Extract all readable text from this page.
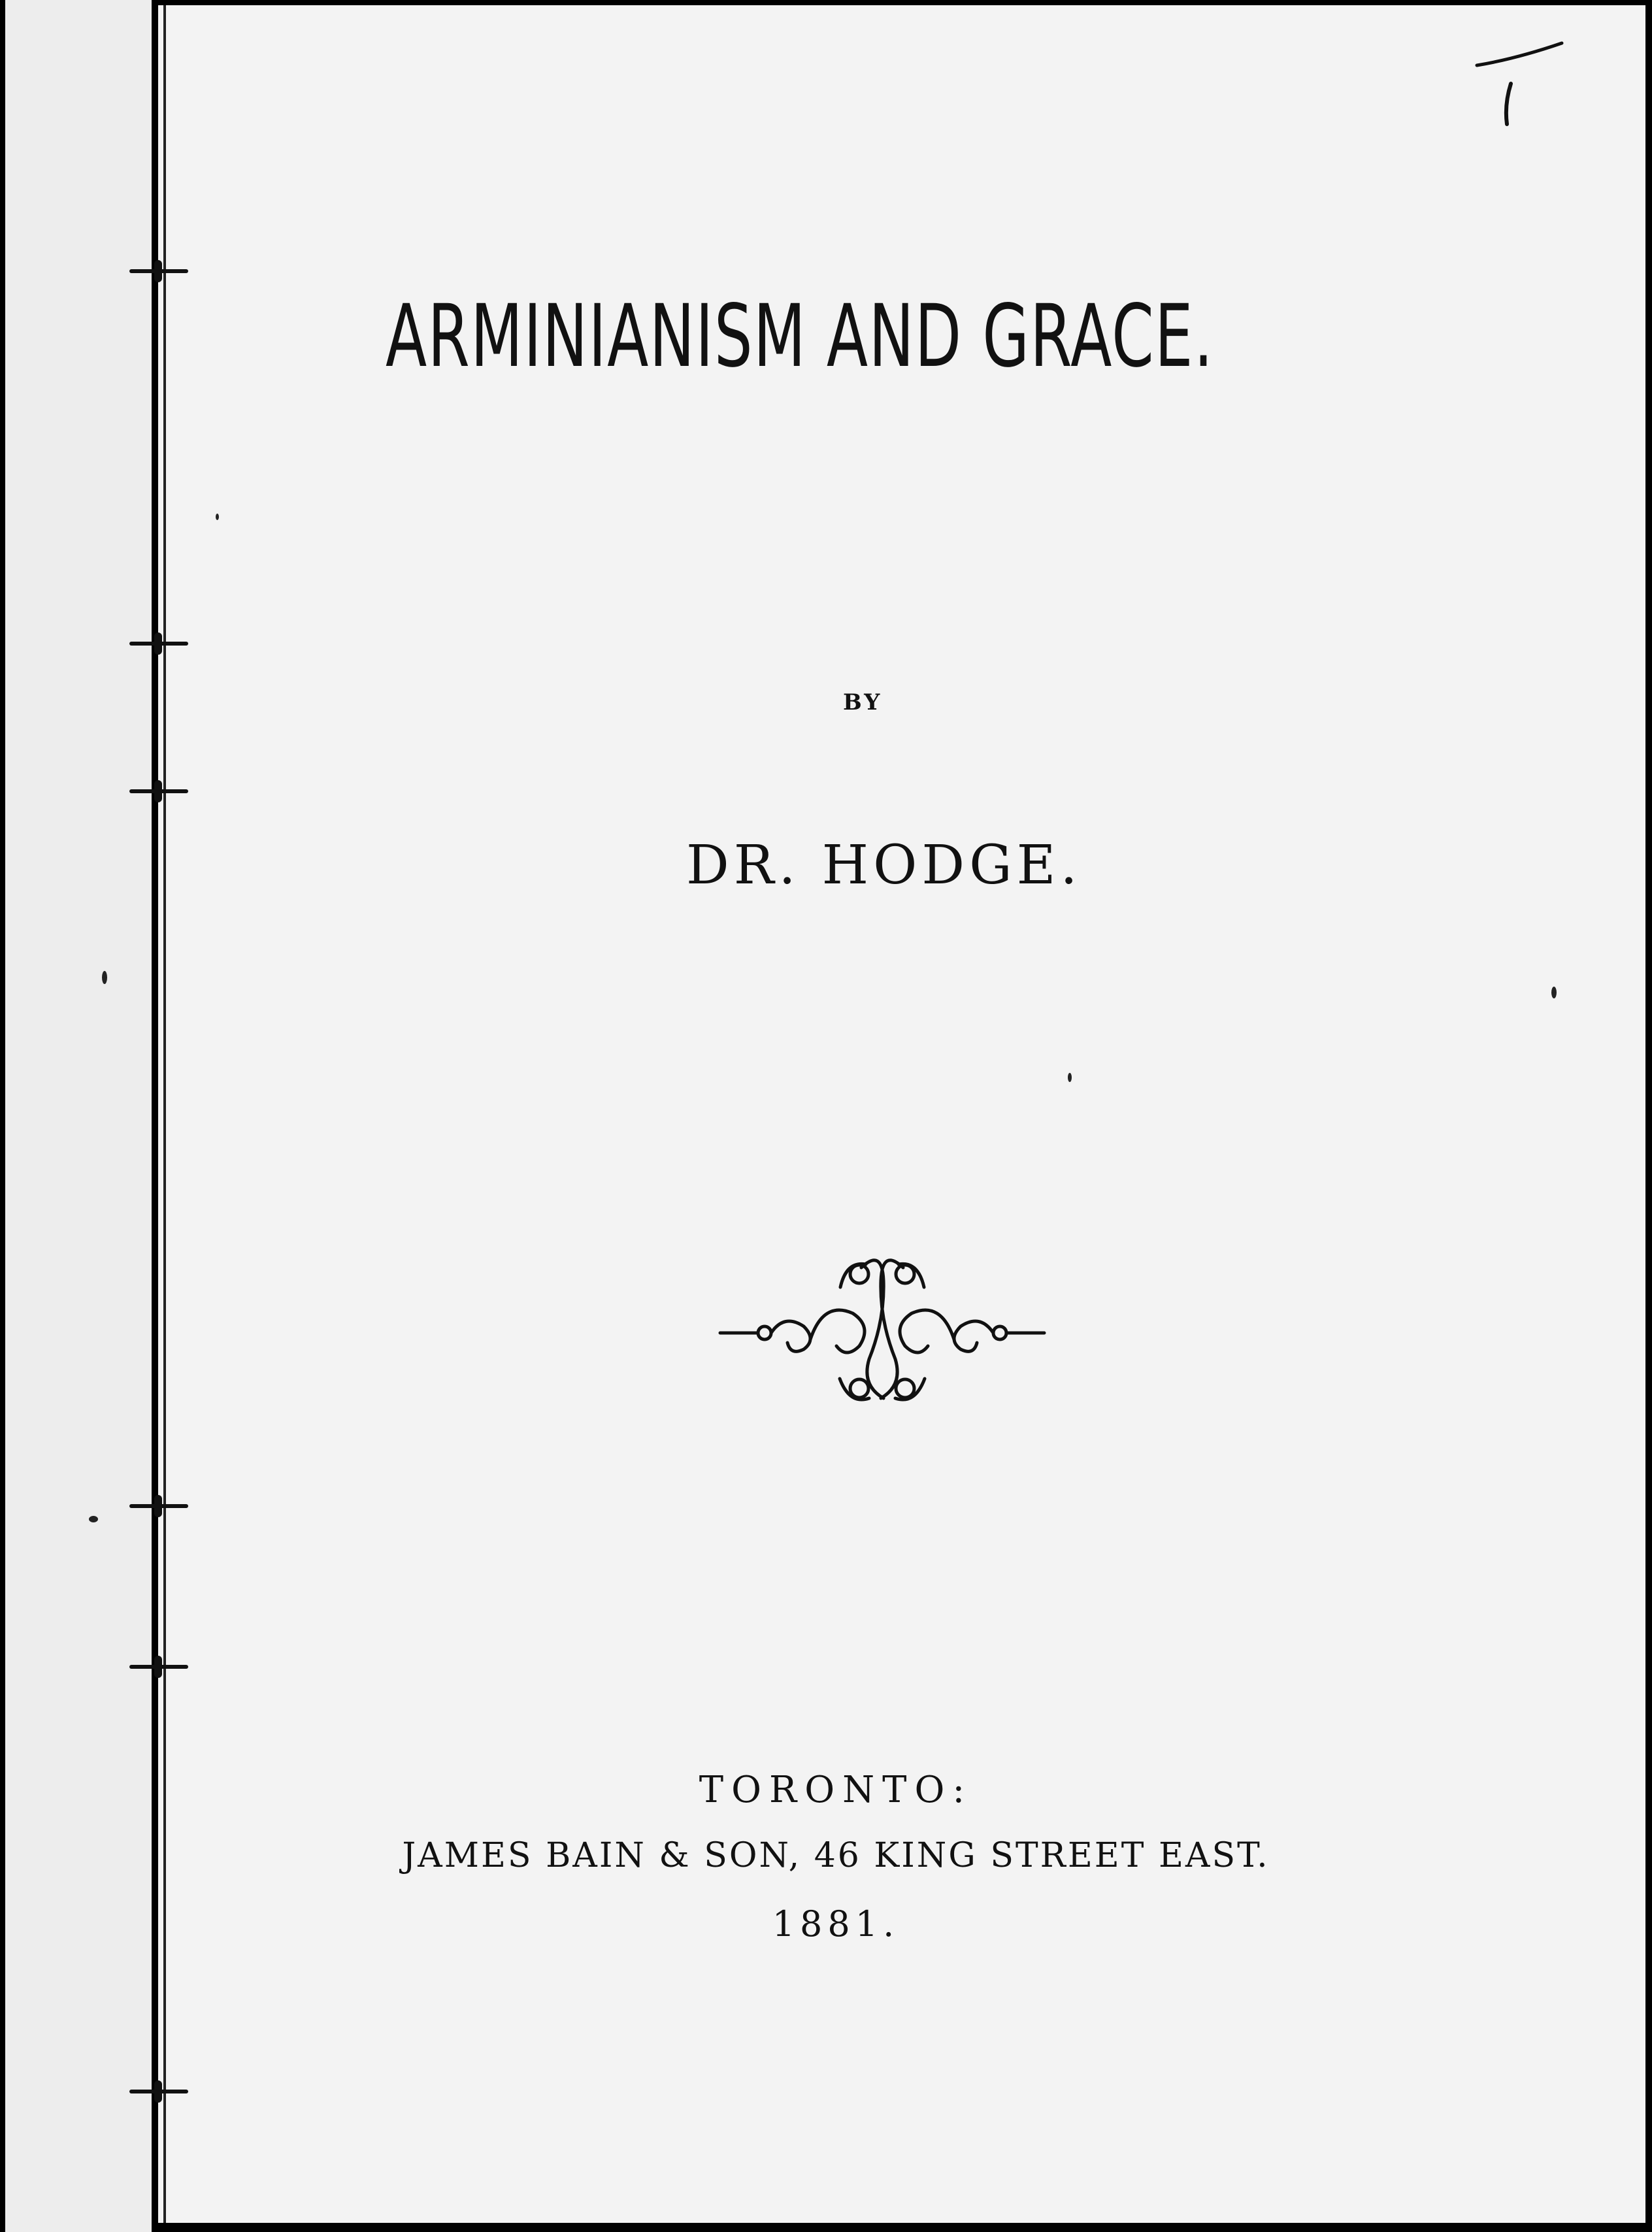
ARMINIANISM AND GRACE.
BY
DR. HODGE.
TORONTO:
JAMES BAIN & SON, 46 KING STREET EAST.
1881.
